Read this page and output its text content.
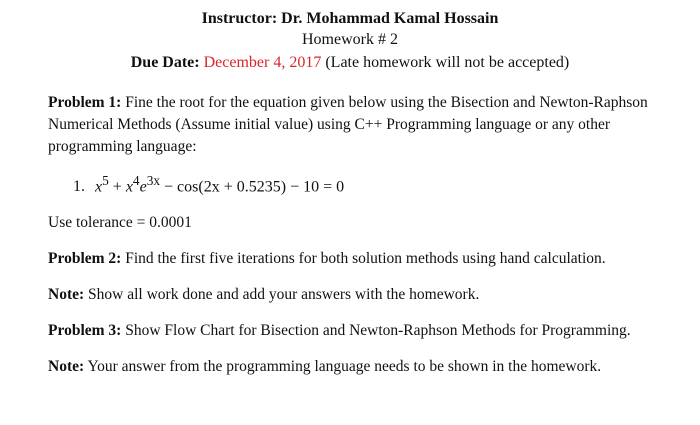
Instructor: Dr. Mohammad Kamal Hossain
Homework # 2
Due Date: December 4, 2017 (Late homework will not be accepted)

Problem 1: Fine the root for the equation given below using the Bisection and Newton-Raphson Numerical Methods (Assume initial value) using C++ Programming language or any other programming language:

1. $x^5 + x^4e^{3x} - \cos(2x + 0.5235) - 10 = 0$

Use tolerance = 0.0001

Problem 2: Find the first five iterations for both solution methods using hand calculation.

Note: Show all work done and add your answers with the homework.

Problem 3: Show Flow Chart for Bisection and Newton-Raphson Methods for Programming.

Note: Your answer from the programming language needs to be shown in the homework.
